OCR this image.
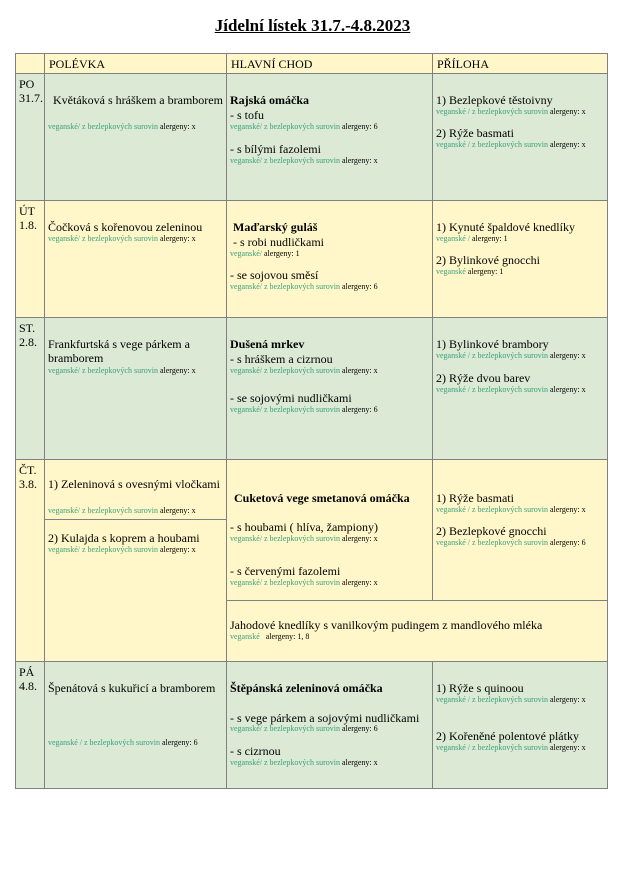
Jídelní lístek 31.7.-4.8.2023
POLÉVKA	HLAVNÍ CHOD	PŘÍLOHA
PO
31.7. Květáková s hráškem a bramborem
veganské/ z bezlepkových surovin alergeny: x
Rajská omáčka
- s tofu
veganské/ z bezlepkových surovin alergeny: 6
- s bílými fazolemi
veganské/ z bezlepkových surovin alergeny: x
1) Bezlepkové těstoivny
veganské / z bezlepkových surovin alergeny: x
2) Rýže basmati
veganské / z bezlepkových surovin alergeny: x
ÚT
1.8. Čočková s kořenovou zeleninou
veganské/ z bezlepkových surovin alergeny: x
Maďarský guláš
- s robi nudličkami
veganské/ alergeny: 1
- se sojovou směsí
veganské/ z bezlepkových surovin alergeny: 6
1) Kynuté špaldové knedlíky
veganské / alergeny: 1
2) Bylinkové gnocchi
veganské alergeny: 1
ST.
2.8. Frankfurtská s vege párkem a bramborem
veganské/ z bezlepkových surovin alergeny: x
Dušená mrkev
- s hráškem a cizrnou
veganské/ z bezlepkových surovin alergeny: x
- se sojovými nudličkami
veganské/ z bezlepkových surovin alergeny: 6
1) Bylinkové brambory
veganské / z bezlepkových surovin alergeny: x
2) Rýže dvou barev
veganské / z bezlepkových surovin alergeny: x
ČT.
3.8. 1) Zeleninová s ovesnými vločkami
veganské/ z bezlepkových surovin alergeny: x
2) Kulajda s koprem a houbami
veganské/ z bezlepkových surovin alergeny: x
Cuketová vege smetanová omáčka
- s houbami ( hlíva, žampiony)
veganské/ z bezlepkových surovin alergeny: x
- s červenými fazolemi
veganské/ z bezlepkových surovin alergeny: x
1) Rýže basmati
veganské / z bezlepkových surovin alergeny: x
2) Bezlepkové gnocchi
veganské / z bezlepkových surovin alergeny: 6
Jahodové knedlíky s vanilkovým pudingem z mandlového mléka
veganské alergeny: 1, 8
PÁ
4.8. Špenátová s kukuřicí a bramborem
veganské / z bezlepkových surovin alergeny: 6
Štěpánská zeleninová omáčka
- s vege párkem a sojovými nudličkami
veganské/ z bezlepkových surovin alergeny: 6
- s cizrnou
veganské/ z bezlepkových surovin alergeny: x
1) Rýže s quinoou
veganské / z bezlepkových surovin alergeny: x
2) Kořeněné polentové plátky
veganské / z bezlepkových surovin alergeny: x
